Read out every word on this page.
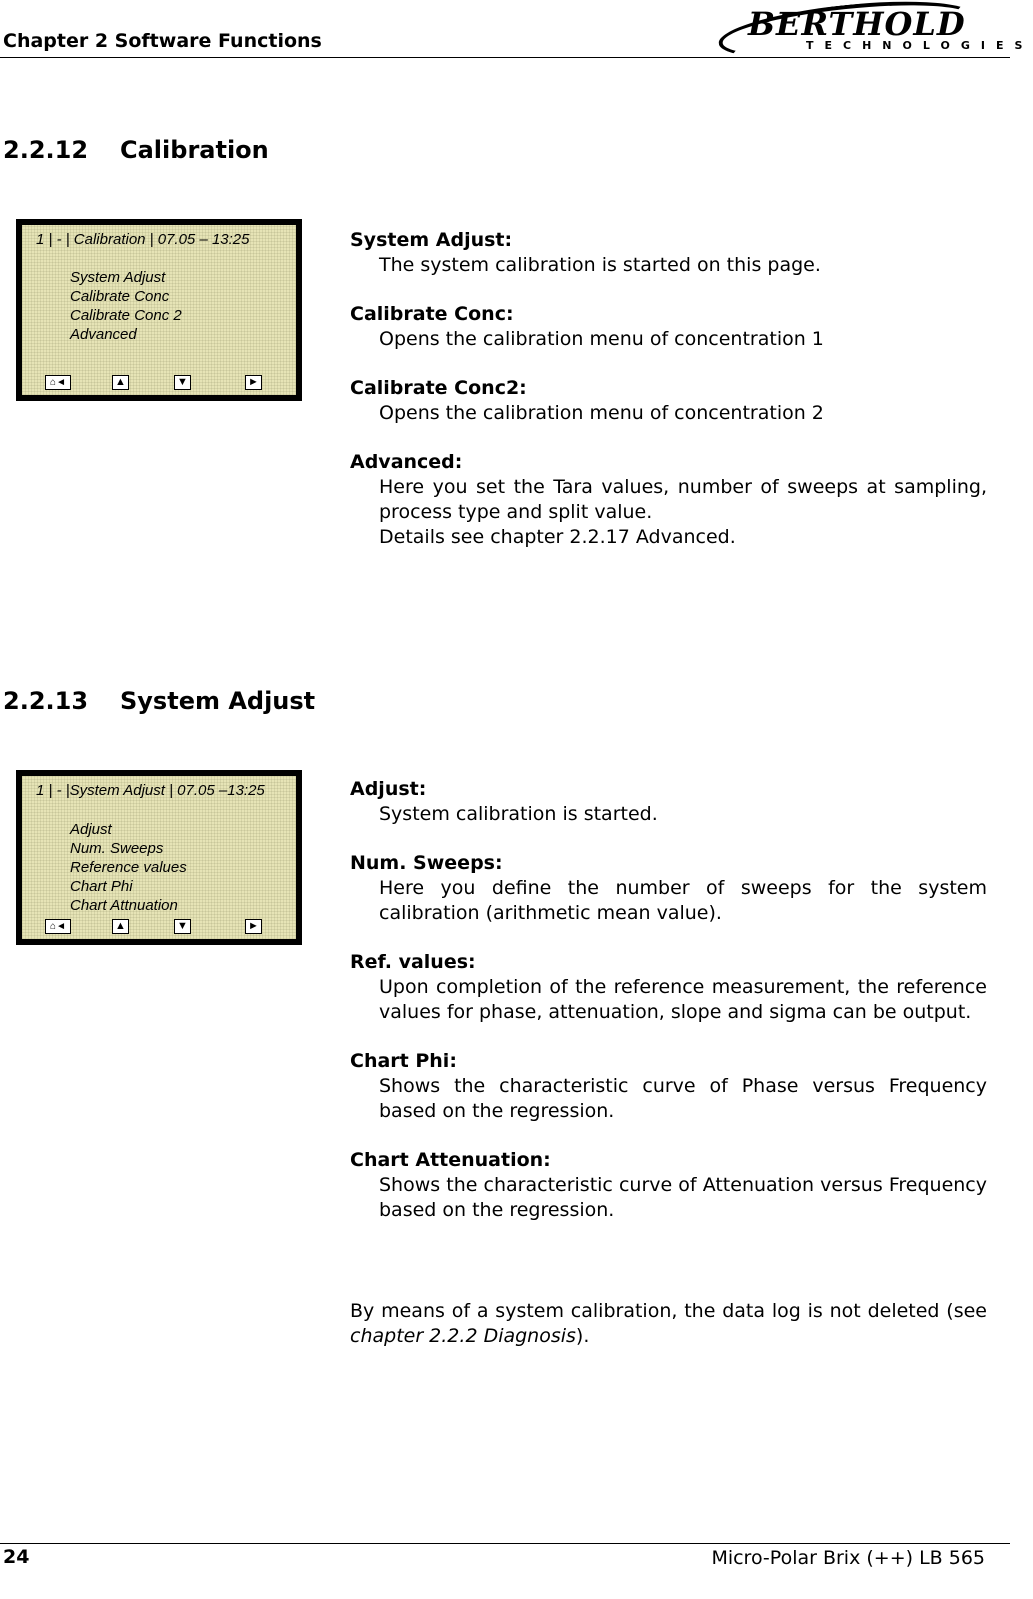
Chapter 2 Software Functions	BERTHOLD
TECHNOLOGIES
2.2.12 Calibration
1 | - | Calibration | 07.05 – 13:25
System Adjust
Calibrate Conc
Calibrate Conc 2
Advanced
⌂◄	▲	▼	►
System Adjust:
The system calibration is started on this page.
Calibrate Conc:
Opens the calibration menu of concentration 1
Calibrate Conc2:
Opens the calibration menu of concentration 2
Advanced:
Here you set the Tara values, number of sweeps at sampling, process type and split value.
Details see chapter 2.2.17 Advanced.
2.2.13 System Adjust
1 | - |System Adjust | 07.05 –13:25
Adjust
Num. Sweeps
Reference values
Chart Phi
Chart Attnuation
⌂◄	▲	▼	►
Adjust:
System calibration is started.
Num. Sweeps:
Here you define the number of sweeps for the system calibration (arithmetic mean value).
Ref. values:
Upon completion of the reference measurement, the reference values for phase, attenuation, slope and sigma can be output.
Chart Phi:
Shows the characteristic curve of Phase versus Frequency based on the regression.
Chart Attenuation:
Shows the characteristic curve of Attenuation versus Frequency based on the regression.

By means of a system calibration, the data log is not deleted (see chapter 2.2.2 Diagnosis).

24	Micro-Polar Brix (++) LB 565
